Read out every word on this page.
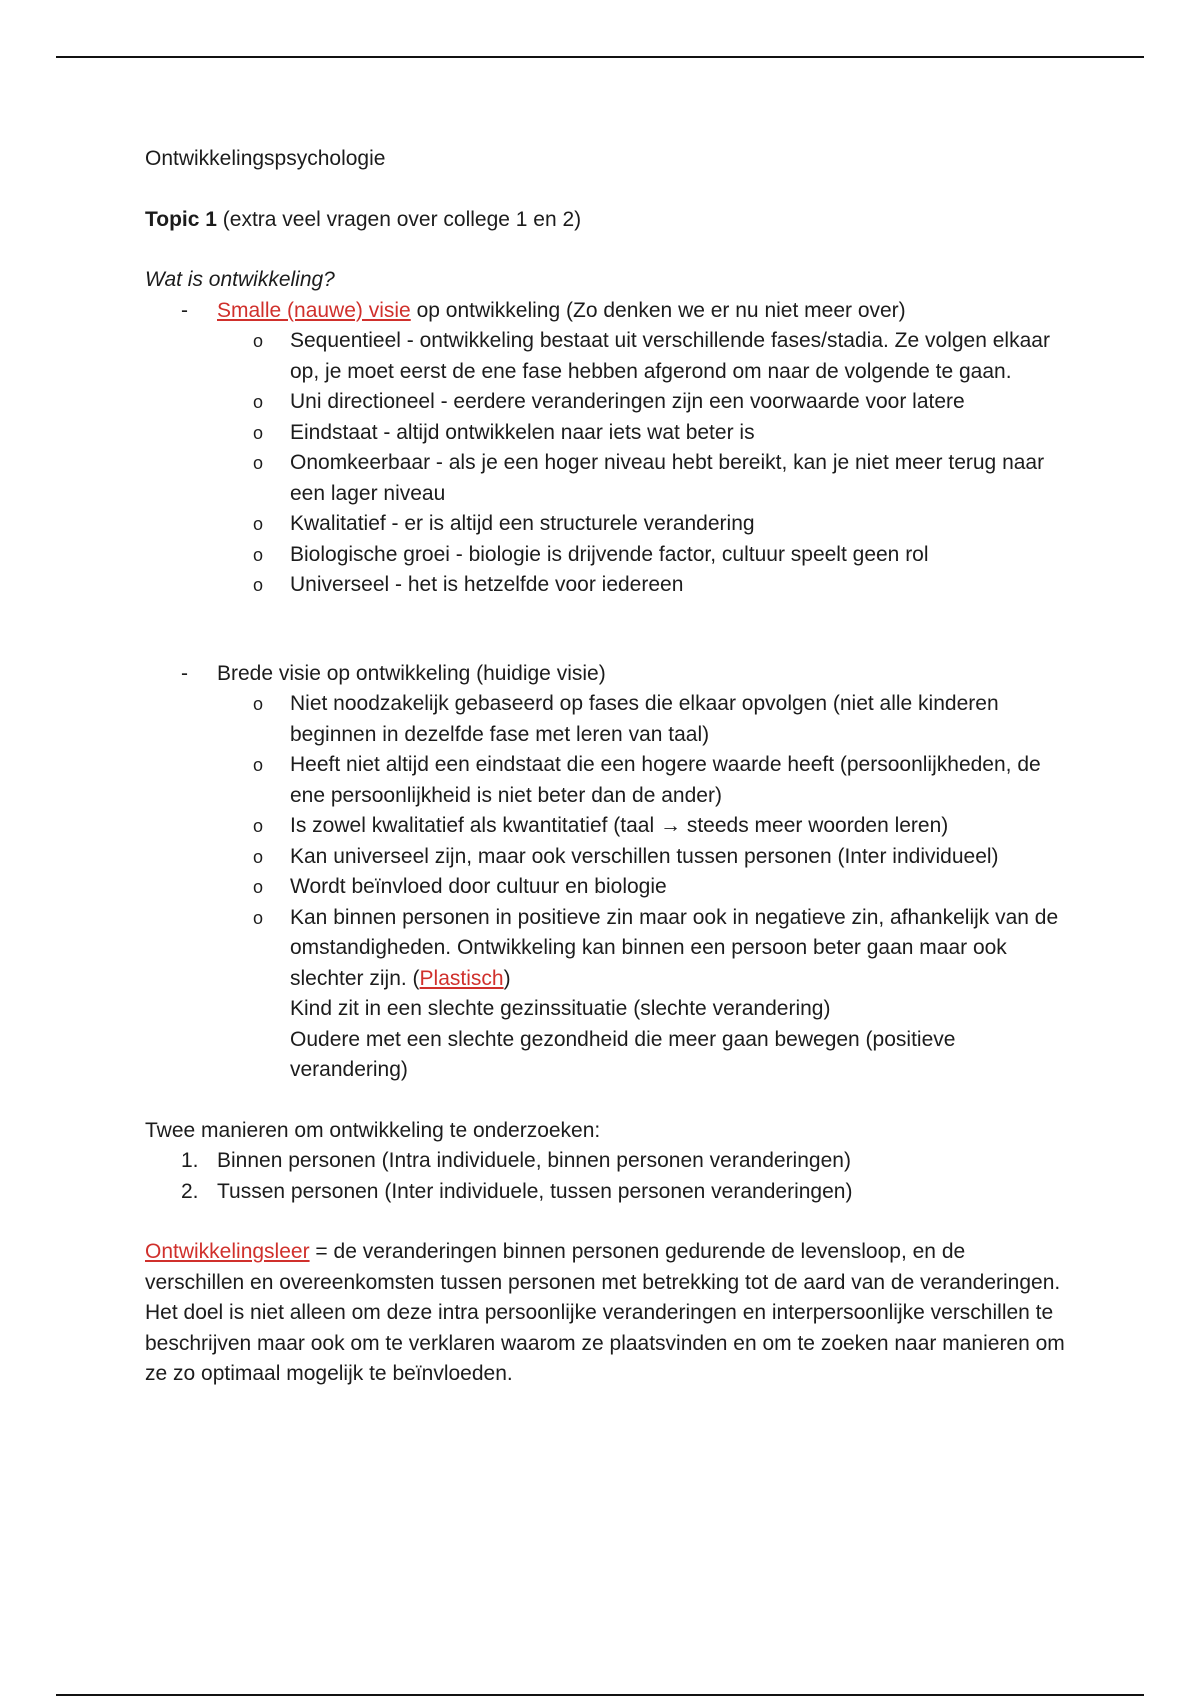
Ontwikkelingspsychologie

Topic 1 (extra veel vragen over college 1 en 2)

Wat is ontwikkeling?

- Smalle (nauwe) visie op ontwikkeling (Zo denken we er nu niet meer over)
o Sequentieel - ontwikkeling bestaat uit verschillende fases/stadia. Ze volgen elkaar op, je moet eerst de ene fase hebben afgerond om naar de volgende te gaan.
o Uni directioneel - eerdere veranderingen zijn een voorwaarde voor latere
o Eindstaat - altijd ontwikkelen naar iets wat beter is
o Onomkeerbaar - als je een hoger niveau hebt bereikt, kan je niet meer terug naar een lager niveau
o Kwalitatief - er is altijd een structurele verandering
o Biologische groei - biologie is drijvende factor, cultuur speelt geen rol
o Universeel - het is hetzelfde voor iedereen
- Brede visie op ontwikkeling (huidige visie)
o Niet noodzakelijk gebaseerd op fases die elkaar opvolgen (niet alle kinderen beginnen in dezelfde fase met leren van taal)
o Heeft niet altijd een eindstaat die een hogere waarde heeft (persoonlijkheden, de ene persoonlijkheid is niet beter dan de ander)
o Is zowel kwalitatief als kwantitatief (taal → steeds meer woorden leren)
o Kan universeel zijn, maar ook verschillen tussen personen (Inter individueel)
o Wordt beïnvloed door cultuur en biologie
o Kan binnen personen in positieve zin maar ook in negatieve zin, afhankelijk van de omstandigheden. Ontwikkeling kan binnen een persoon beter gaan maar ook slechter zijn. (Plastisch)
Kind zit in een slechte gezinssituatie (slechte verandering)
Oudere met een slechte gezondheid die meer gaan bewegen (positieve verandering)

Twee manieren om ontwikkeling te onderzoeken:

1. Binnen personen (Intra individuele, binnen personen veranderingen)
2. Tussen personen (Inter individuele, tussen personen veranderingen)

Ontwikkelingsleer = de veranderingen binnen personen gedurende de levensloop, en de verschillen en overeenkomsten tussen personen met betrekking tot de aard van de veranderingen. Het doel is niet alleen om deze intra persoonlijke veranderingen en interpersoonlijke verschillen te beschrijven maar ook om te verklaren waarom ze plaatsvinden en om te zoeken naar manieren om ze zo optimaal mogelijk te beïnvloeden.
